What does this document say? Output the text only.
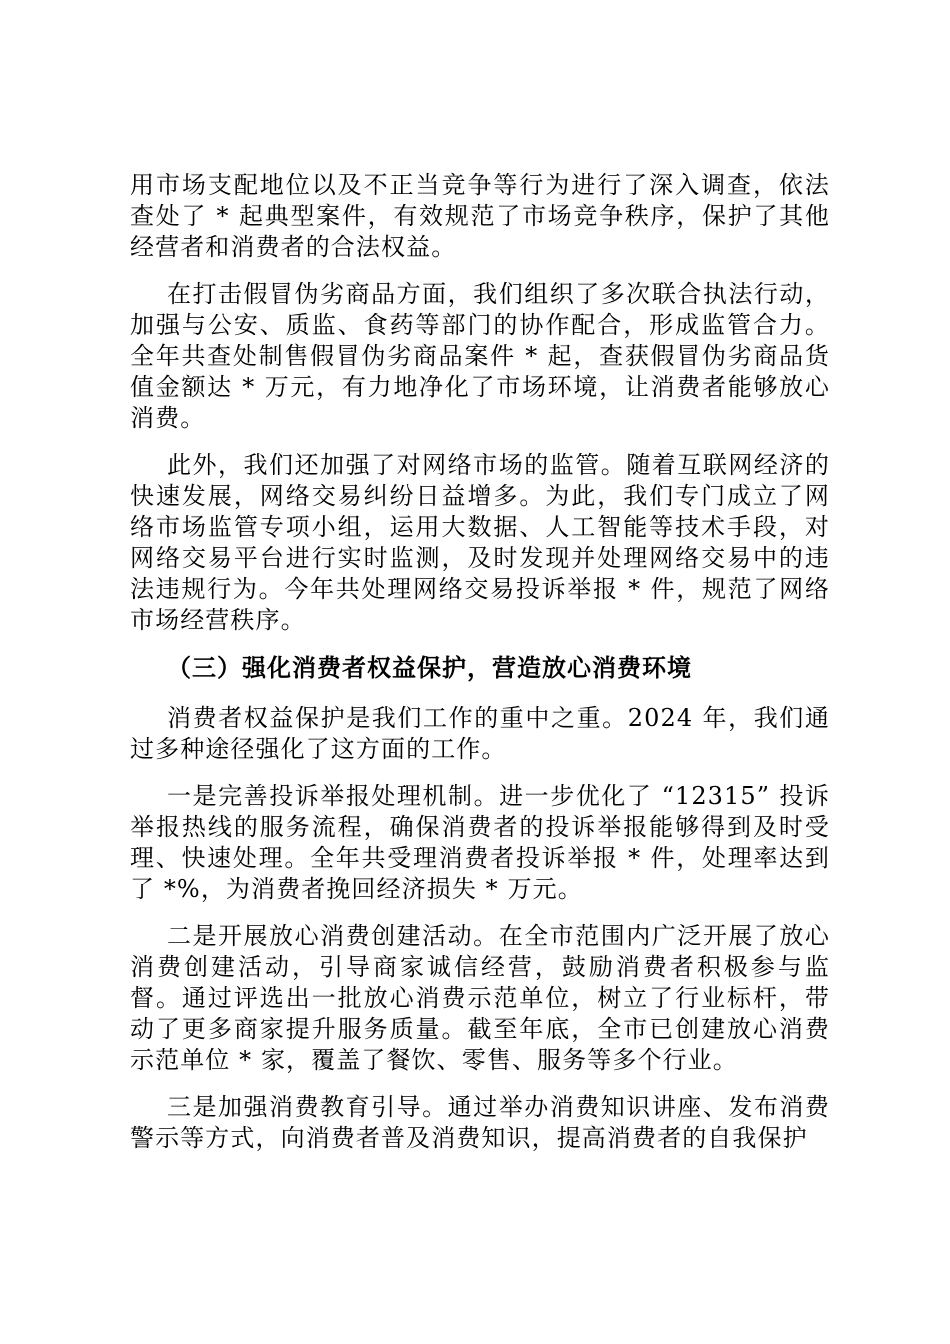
用市场支配地位以及不正当竞争等行为进行了深入调查，依法查处了 * 起典型案件，有效规范了市场竞争秩序，保护了其他经营者和消费者的合法权益。

在打击假冒伪劣商品方面，我们组织了多次联合执法行动，加强与公安、质监、食药等部门的协作配合，形成监管合力。全年共查处制售假冒伪劣商品案件 * 起，查获假冒伪劣商品货值金额达 * 万元，有力地净化了市场环境，让消费者能够放心消费。

此外，我们还加强了对网络市场的监管。随着互联网经济的快速发展，网络交易纠纷日益增多。为此，我们专门成立了网络市场监管专项小组，运用大数据、人工智能等技术手段，对网络交易平台进行实时监测，及时发现并处理网络交易中的违法违规行为。今年共处理网络交易投诉举报 * 件，规范了网络市场经营秩序。

（三）强化消费者权益保护，营造放心消费环境

消费者权益保护是我们工作的重中之重。2024 年，我们通过多种途径强化了这方面的工作。

一是完善投诉举报处理机制。进一步优化了 “12315” 投诉举报热线的服务流程，确保消费者的投诉举报能够得到及时受理、快速处理。全年共受理消费者投诉举报 * 件，处理率达到了 *%，为消费者挽回经济损失 * 万元。

二是开展放心消费创建活动。在全市范围内广泛开展了放心消费创建活动，引导商家诚信经营，鼓励消费者积极参与监督。通过评选出一批放心消费示范单位，树立了行业标杆，带动了更多商家提升服务质量。截至年底，全市已创建放心消费示范单位 * 家，覆盖了餐饮、零售、服务等多个行业。

三是加强消费教育引导。通过举办消费知识讲座、发布消费警示等方式，向消费者普及消费知识，提高消费者的自我保护
